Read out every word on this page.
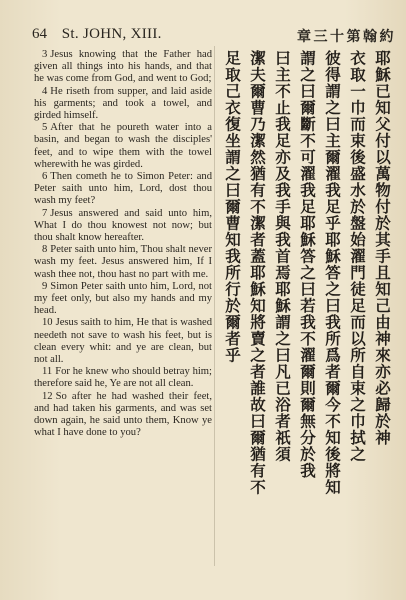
64 St. JOHN, XIII.	章三十第翰約

3 Jesus knowing that the Father had given all things into his hands, and that he was come from God, and went to God;

4 He riseth from supper, and laid aside his garments; and took a towel, and girded himself.

5 After that he poureth water into a basin, and began to wash the disciples' feet, and to wipe them with the towel wherewith he was girded.

6 Then cometh he to Simon Peter: and Peter saith unto him, Lord, dost thou wash my feet?

7 Jesus answered and said unto him, What I do thou knowest not now; but thou shalt know hereafter.

8 Peter saith unto him, Thou shalt never wash my feet. Jesus answered him, If I wash thee not, thou hast no part with me.

9 Simon Peter saith unto him, Lord, not my feet only, but also my hands and my head.

10 Jesus saith to him, He that is washed needeth not save to wash his feet, but is clean every whit: and ye are clean, but not all.

11 For he knew who should betray him; therefore said he, Ye are not all clean.

12 So after he had washed their feet, and had taken his garments, and was set down again, he said unto them, Know ye what I have done to you?	耶穌已知父付以萬物付於其手且知己由神來亦必歸於神
衣取一巾而束後盛水於盤始濯門徒足而以所自束之巾拭之
彼得謂之曰主爾濯我足乎耶穌答之曰我所爲者爾今不知後將知
謂之曰爾斷不可濯我足耶穌答之曰若我不濯爾則爾無分於我
曰主不止我足亦及我手與我首焉耶穌謂之曰凡已浴者祇須
潔夫爾曹乃潔然猶有不潔者蓋耶穌知將賣之者誰故曰爾猶有不
足取己衣復坐謂之曰爾曹知我所行於爾者乎
